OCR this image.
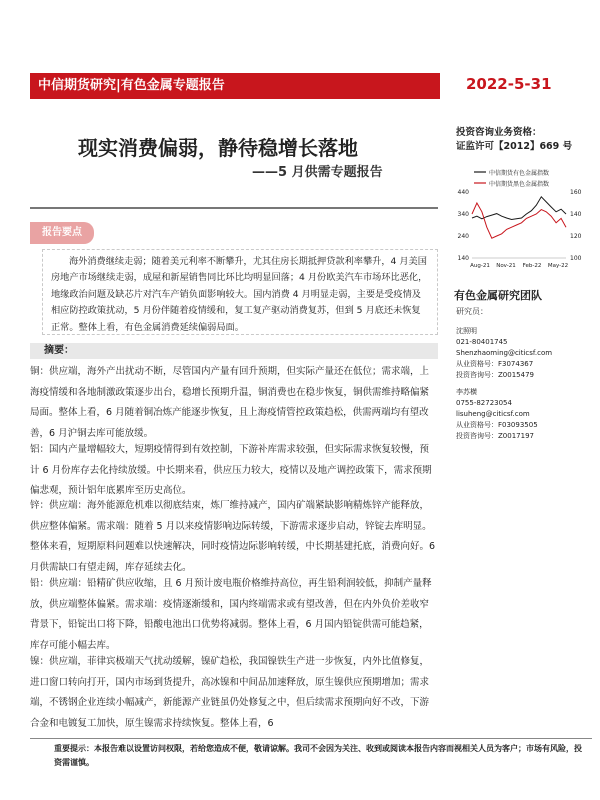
中信期货研究|有色金属专题报告	2022-5-31
现实消费偏弱，静待稳增长落地
——5 月供需专题报告
投资咨询业务资格：
证监许可【2012】669 号
中信期货有色金属指数
中信期货黑色金属指数
440
340
240
140
160
140
120
100
Aug-21 Nov-21 Feb-22 May-22
报告要点
海外消费继续走弱；随着美元利率不断攀升，尤其住房长期抵押贷款利率攀升，4 月美国房地产市场继续走弱，成屋和新屋销售同比环比均明显回落；4 月份欧美汽车市场环比恶化，地缘政治问题及缺芯片对汽车产销负面影响较大。国内消费 4 月明显走弱，主要是受疫情及相应防控政策扰动，5 月份伴随着疫情缓和，复工复产驱动消费复苏，但到 5 月底还未恢复正常。整体上看，有色金属消费延续偏弱局面。
摘要：
铜：供应端，海外产出扰动不断，尽管国内产量有回升预期，但实际产量还在低位；需求端，上海疫情缓和各地制激政策逐步出台，稳增长预期升温，铜消费也在稳步恢复，铜供需维持略偏紧局面。整体上看，6 月随着铜冶炼产能逐步恢复，且上海疫情管控政策趋松，供需两端均有望改善，6 月沪铜去库可能放缓。
铝：国内产量增幅较大，短期疫情得到有效控制，下游补库需求较强，但实际需求恢复较慢，预计 6 月份库存去化持续放缓。中长期来看，供应压力较大，疫情以及地产调控政策下，需求预期偏悲观，预计铝年底累库至历史高位。
锌：供应端：海外能源危机难以彻底结束，炼厂维持减产，国内矿端紧缺影响精炼锌产能释放，供应整体偏紧。需求端：随着 5 月以来疫情影响边际转缓，下游需求逐步启动，锌锭去库明显。整体来看，短期原料问题难以快速解决，同时疫情边际影响转缓，中长期基建托底，消费向好。6 月供需缺口有望走阔，库存延续去化。
铅：供应端：铅精矿供应收缩，且 6 月预计废电瓶价格维持高位，再生铅利润较低，抑制产量释放，供应端整体偏紧。需求端：疫情逐渐缓和，国内终端需求或有望改善，但在内外负价差收窄背景下，铅锭出口将下降，铅酸电池出口优势将减弱。整体上看，6 月国内铅锭供需可能趋紧，库存可能小幅去库。
镍：供应端，菲律宾极端天气扰动缓解，镍矿趋松，我国镍铁生产进一步恢复，内外比值修复，进口窗口转向打开，国内市场到货提升，高冰镍和中间品加速释放，原生镍供应预期增加；需求端，不锈钢企业连续小幅减产，新能源产业链虽仍处修复之中，但后续需求预期向好不改，下游合金和电镀复工加快，原生镍需求持续恢复。整体上看，6
有色金属研究团队
研究员：
沈照明
021-80401745
Shenzhaoming@citicsf.com
从业资格号：F3074367
投资咨询号：Z0015479
李苏横
0755-82723054
lisuheng@citicsf.com
从业资格号：F03093505
投资咨询号：Z0017197
重要提示：本报告难以设置访问权限，若给您造成不便，敬请谅解。我司不会因为关注、收到或阅读本报告内容而视相关人员为客户；市场有风险，投资需谨慎。
